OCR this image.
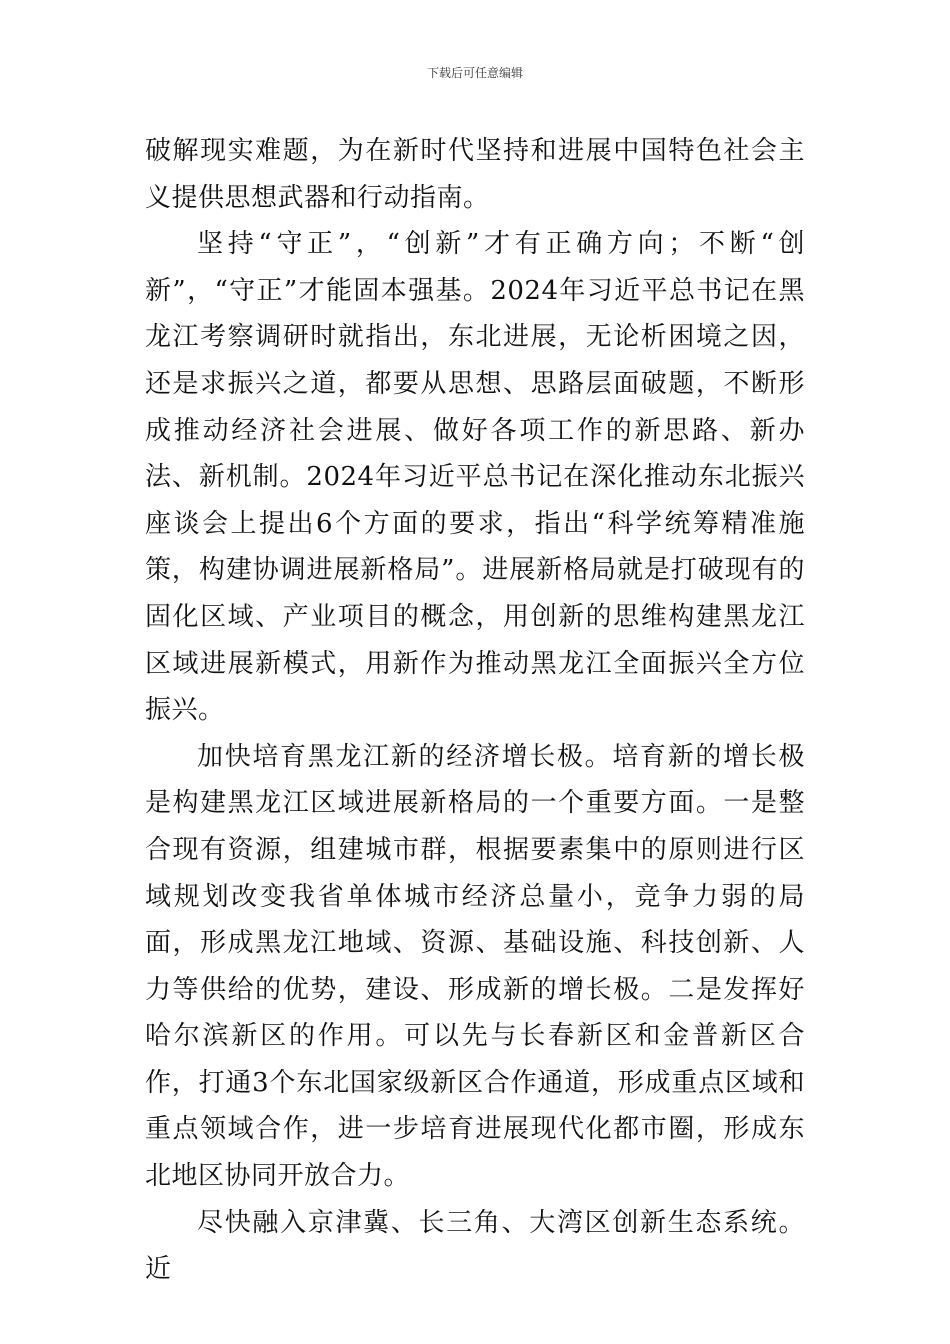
下载后可任意编辑

破解现实难题，为在新时代坚持和进展中国特色社会主义提供思想武器和行动指南。

坚持“守正”，“创新”才有正确方向；不断“创新”，“守正”才能固本强基。2024年习近平总书记在黑龙江考察调研时就指出，东北进展，无论析困境之因，还是求振兴之道，都要从思想、思路层面破题，不断形成推动经济社会进展、做好各项工作的新思路、新办法、新机制。2024年习近平总书记在深化推动东北振兴座谈会上提出6个方面的要求，指出“科学统筹精准施策，构建协调进展新格局”。进展新格局就是打破现有的固化区域、产业项目的概念，用创新的思维构建黑龙江区域进展新模式，用新作为推动黑龙江全面振兴全方位振兴。

加快培育黑龙江新的经济增长极。培育新的增长极是构建黑龙江区域进展新格局的一个重要方面。一是整合现有资源，组建城市群，根据要素集中的原则进行区域规划改变我省单体城市经济总量小，竞争力弱的局面，形成黑龙江地域、资源、基础设施、科技创新、人力等供给的优势，建设、形成新的增长极。二是发挥好哈尔滨新区的作用。可以先与长春新区和金普新区合作，打通3个东北国家级新区合作通道，形成重点区域和重点领域合作，进一步培育进展现代化都市圈，形成东北地区协同开放合力。

尽快融入京津冀、长三角、大湾区创新生态系统。近
